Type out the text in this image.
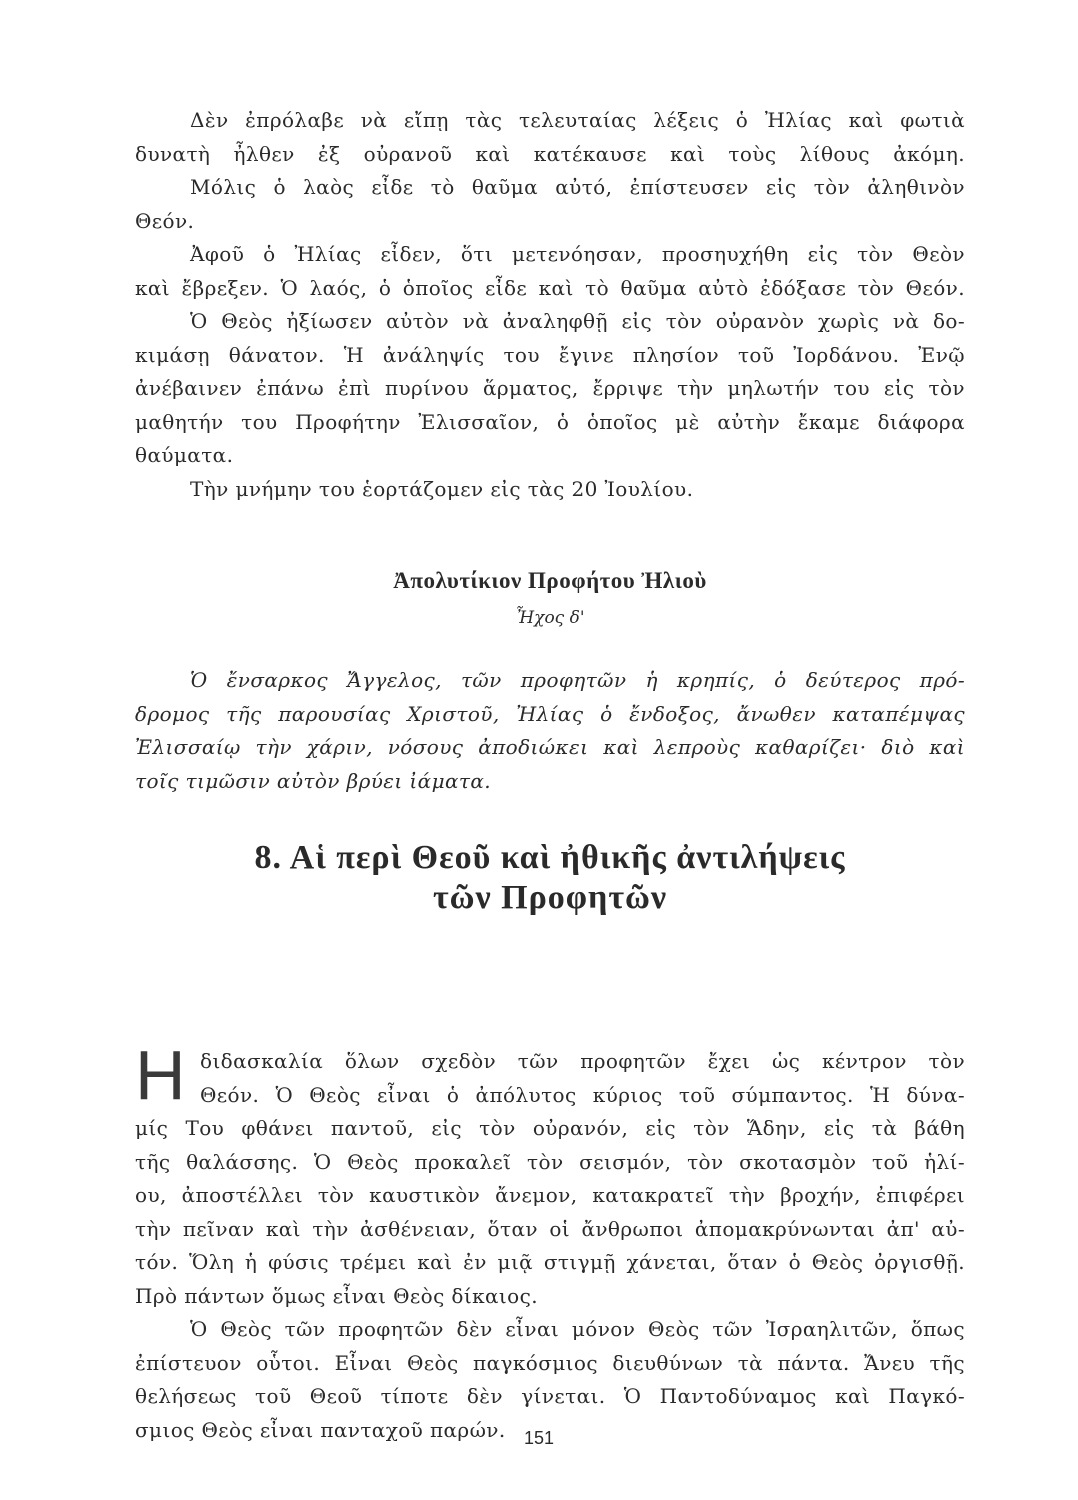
Δὲν ἐπρόλαβε νὰ εἴπῃ τὰς τελευταίας λέξεις ὁ Ἠλίας καὶ φωτιὰ
δυνατὴ ἦλθεν ἐξ οὐρανοῦ καὶ κατέκαυσε καὶ τοὺς λίθους ἀκόμη.
Μόλις ὁ λαὸς εἶδε τὸ θαῦμα αὐτό, ἐπίστευσεν εἰς τὸν ἀληθινὸν
Θεόν.
Ἀφοῦ ὁ Ἠλίας εἶδεν, ὅτι μετενόησαν, προσηυχήθη εἰς τὸν Θεὸν
καὶ ἔβρεξεν. Ὁ λαός, ὁ ὁποῖος εἶδε καὶ τὸ θαῦμα αὐτὸ ἐδόξασε τὸν Θεόν.
Ὁ Θεὸς ἠξίωσεν αὐτὸν νὰ ἀναληφθῇ εἰς τὸν οὐρανὸν χωρὶς νὰ δο-
κιμάσῃ θάνατον. Ἡ ἀνάληψίς του ἔγινε πλησίον τοῦ Ἰορδάνου. Ἐνῷ
ἀνέβαινεν ἐπάνω ἐπὶ πυρίνου ἅρματος, ἔρριψε τὴν μηλωτήν του εἰς τὸν
μαθητήν του Προφήτην Ἐλισσαῖον, ὁ ὁποῖος μὲ αὐτὴν ἔκαμε διάφορα
θαύματα.
Τὴν μνήμην του ἑορτάζομεν εἰς τὰς 20 Ἰουλίου.
Ἀπολυτίκιον Προφήτου Ἠλιοὺ
Ἦχος δ'
Ὁ ἔνσαρκος Ἄγγελος, τῶν προφητῶν ἡ κρηπίς, ὁ δεύτερος πρό-
δρομος τῆς παρουσίας Χριστοῦ, Ἠλίας ὁ ἔνδοξος, ἄνωθεν καταπέμψας
Ἐλισσαίῳ τὴν χάριν, νόσους ἀποδιώκει καὶ λεπροὺς καθαρίζει· διὸ καὶ
τοῖς τιμῶσιν αὐτὸν βρύει ἰάματα.
8. Αἱ περὶ Θεοῦ καὶ ἠθικῆς ἀντιλήψεις
τῶν Προφητῶν
Η διδασκαλία ὅλων σχεδὸν τῶν προφητῶν ἔχει ὡς κέντρον τὸν
Θεόν. Ὁ Θεὸς εἶναι ὁ ἀπόλυτος κύριος τοῦ σύμπαντος. Ἡ δύνα-
μίς Του φθάνει παντοῦ, εἰς τὸν οὐρανόν, εἰς τὸν Ἅδην, εἰς τὰ βάθη
τῆς θαλάσσης. Ὁ Θεὸς προκαλεῖ τὸν σεισμόν, τὸν σκοτασμὸν τοῦ ἡλί-
ου, ἀποστέλλει τὸν καυστικὸν ἄνεμον, κατακρατεῖ τὴν βροχήν, ἐπιφέρει
τὴν πεῖναν καὶ τὴν ἀσθένειαν, ὅταν οἱ ἄνθρωποι ἀπομακρύνωνται ἀπ' αὐ-
τόν. Ὅλη ἡ φύσις τρέμει καὶ ἐν μιᾷ στιγμῇ χάνεται, ὅταν ὁ Θεὸς ὀργισθῇ.
Πρὸ πάντων ὅμως εἶναι Θεὸς δίκαιος.
Ὁ Θεὸς τῶν προφητῶν δὲν εἶναι μόνον Θεὸς τῶν Ἰσραηλιτῶν, ὅπως
ἐπίστευον οὗτοι. Εἶναι Θεὸς παγκόσμιος διευθύνων τὰ πάντα. Ἄνευ τῆς
θελήσεως τοῦ Θεοῦ τίποτε δὲν γίνεται. Ὁ Παντοδύναμος καὶ Παγκό-
σμιος Θεὸς εἶναι πανταχοῦ παρών.	151
